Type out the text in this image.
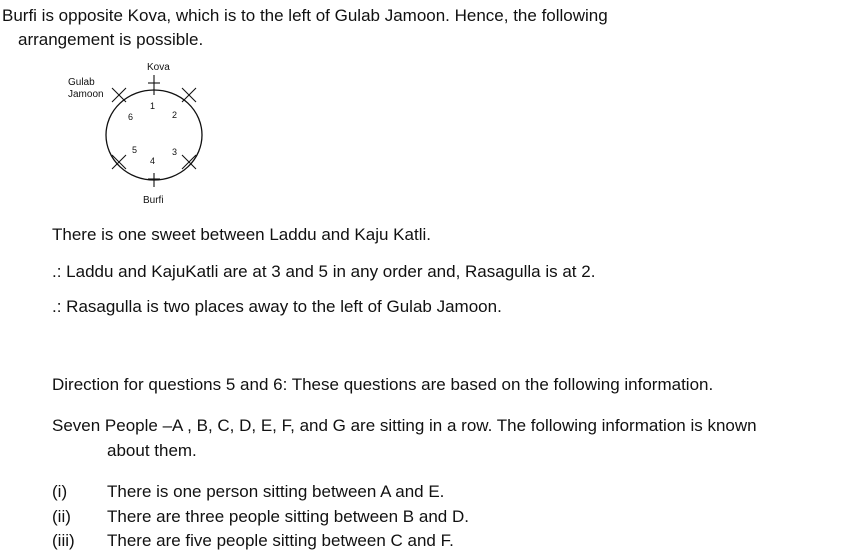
Burfi is opposite Kova, which is to the left of Gulab Jamoon. Hence, the following
arrangement is possible.
Kova
Gulab
Jamoon
Burfi
1
2
3
4
5
6
There is one sweet between Laddu and Kaju Katli.
.: Laddu and KajuKatli are at 3 and 5 in any order and, Rasagulla is at 2.
.: Rasagulla is two places away to the left of Gulab Jamoon.
Direction for questions 5 and 6: These questions are based on the following information.
Seven People –A , B, C, D, E, F, and G are sitting in a row. The following information is known
about them.
(i) There is one person sitting between A and E.
(ii) There are three people sitting between B and D.
(iii) There are five people sitting between C and F.
